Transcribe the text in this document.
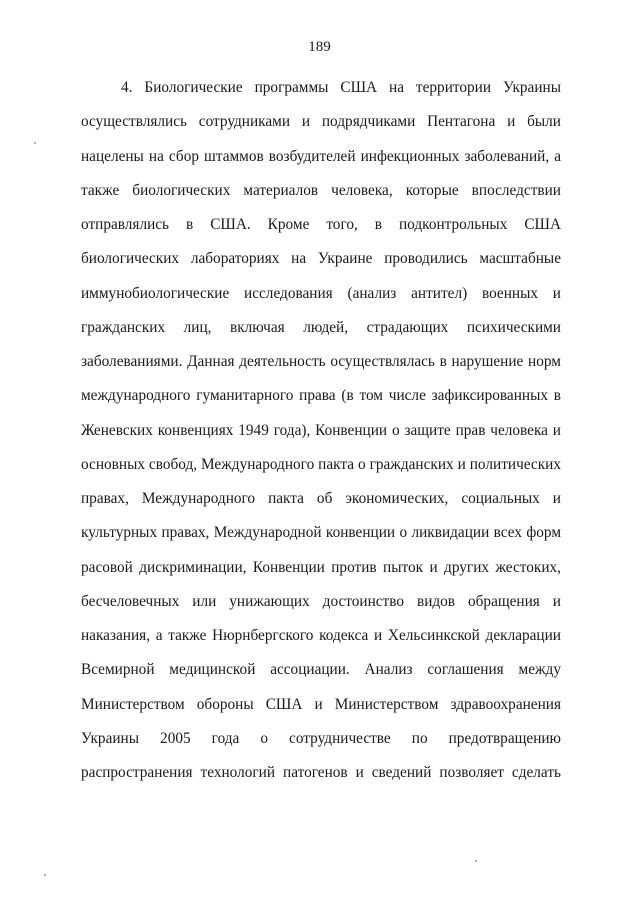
189
4. Биологические программы США на территории Украины
осуществлялись сотрудниками и подрядчиками Пентагона и были
нацелены на сбор штаммов возбудителей инфекционных заболеваний, а
также биологических материалов человека, которые впоследствии
отправлялись в США. Кроме того, в подконтрольных США
биологических лабораториях на Украине проводились масштабные
иммунобиологические исследования (анализ антител) военных и
гражданских лиц, включая людей, страдающих психическими
заболеваниями. Данная деятельность осуществлялась в нарушение норм
международного гуманитарного права (в том числе зафиксированных в
Женевских конвенциях 1949 года), Конвенции о защите прав человека и
основных свобод, Международного пакта о гражданских и политических
правах, Международного пакта об экономических, социальных и
культурных правах, Международной конвенции о ликвидации всех форм
расовой дискриминации, Конвенции против пыток и других жестоких,
бесчеловечных или унижающих достоинство видов обращения и
наказания, а также Нюрнбергского кодекса и Хельсинкской декларации
Всемирной медицинской ассоциации. Анализ соглашения между
Министерством обороны США и Министерством здравоохранения
Украины 2005 года о сотрудничестве по предотвращению
распространения технологий патогенов и сведений позволяет сделать
